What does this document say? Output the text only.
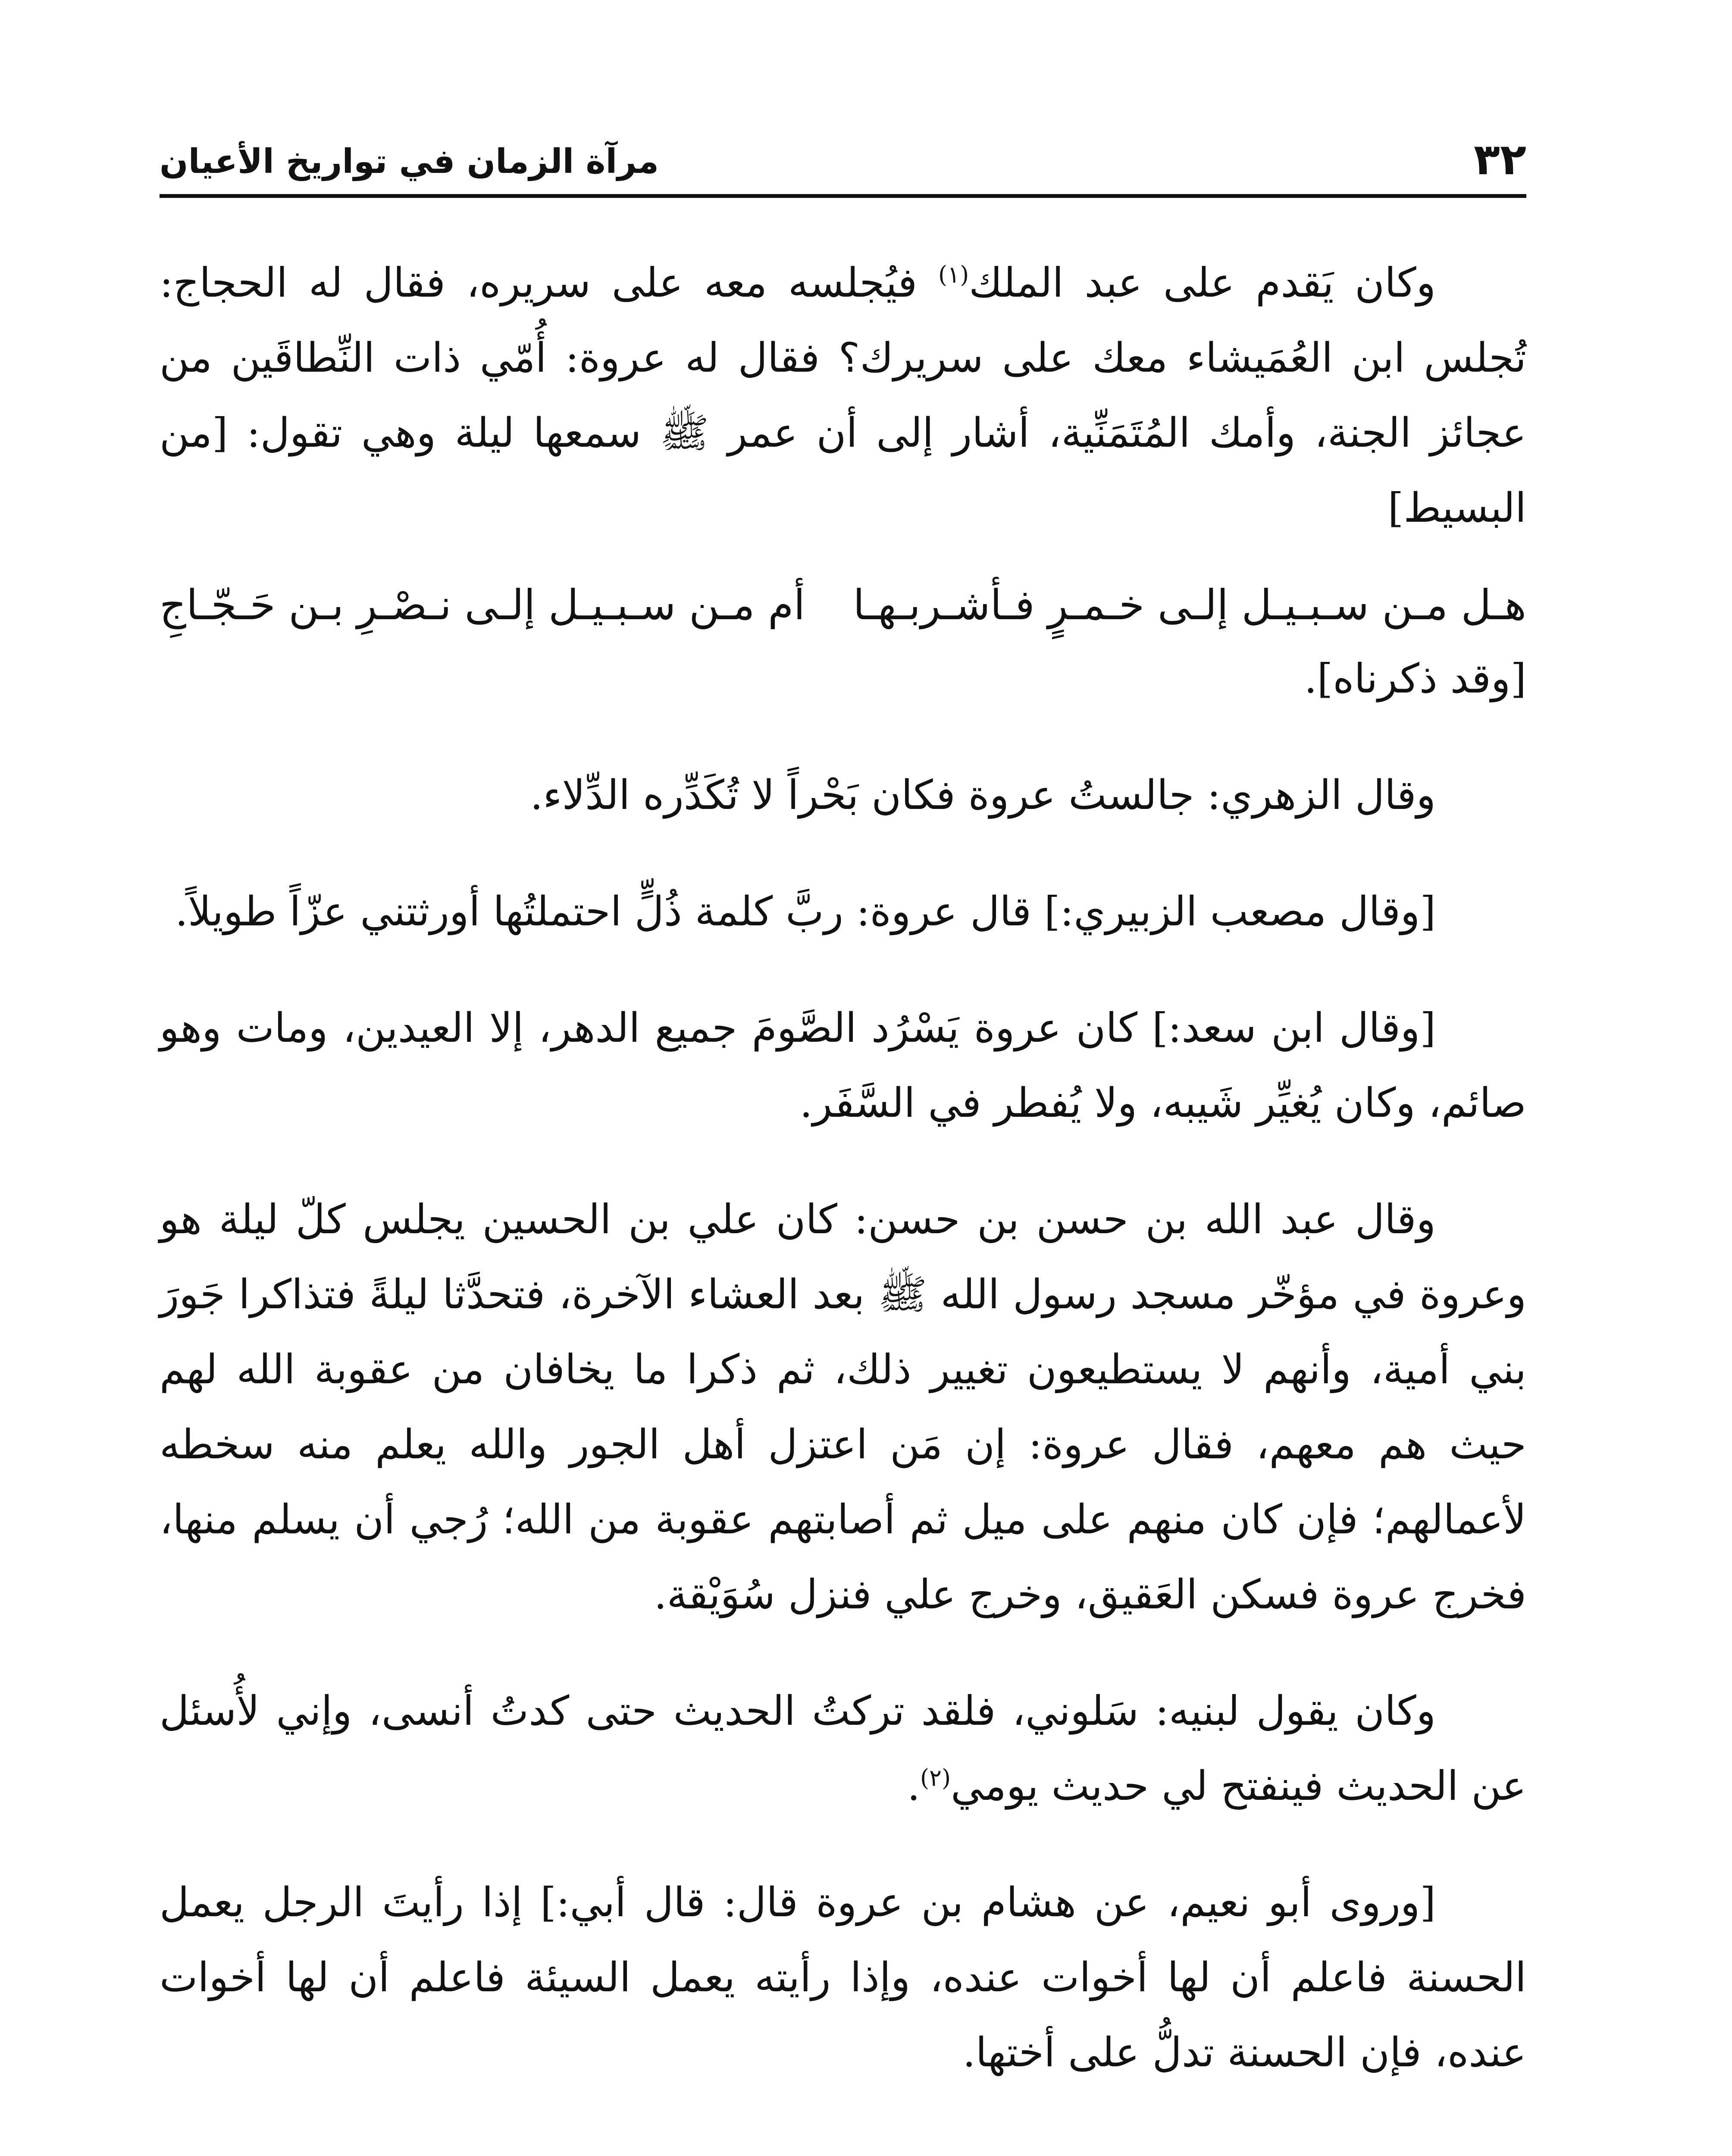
مرآة الزمان في تواريخ الأعيان	٣٢

وكان يَقدم على عبد الملك$^{(١)}$ فيُجلسه معه على سريره، فقال له الحجاج: تُجلس ابن العُمَيشاء معك على سريرك؟ فقال له عروة: أُمّي ذات النِّطاقَين من عجائز الجنة، وأمك المُتَمَنِّية، أشار إلى أن عمر ﷺ سمعها ليلة وهي تقول: [من البسيط]

هـل مـن سـبـيـل إلـى خـمـرٍ فـأشـربـهـا
أم مـن سـبـيـل إلـى نـصْـرِ بـن حَـجّـاجِ

[وقد ذكرناه].

وقال الزهري: جالستُ عروة فكان بَحْراً لا تُكَدِّره الدِّلاء.

[وقال مصعب الزبيري:] قال عروة: ربَّ كلمة ذُلٍّ احتملتُها أورثتني عزّاً طويلاً.

[وقال ابن سعد:] كان عروة يَسْرُد الصَّومَ جميع الدهر، إلا العيدين، ومات وهو صائم، وكان يُغيِّر شَيبه، ولا يُفطر في السَّفَر.

وقال عبد الله بن حسن بن حسن: كان علي بن الحسين يجلس كلّ ليلة هو وعروة في مؤخّر مسجد رسول الله ﷺ بعد العشاء الآخرة، فتحدَّثا ليلةً فتذاكرا جَورَ بني أمية، وأنهم لا يستطيعون تغيير ذلك، ثم ذكرا ما يخافان من عقوبة الله لهم حيث هم معهم، فقال عروة: إن مَن اعتزل أهل الجور والله يعلم منه سخطه لأعمالهم؛ فإن كان منهم على ميل ثم أصابتهم عقوبة من الله؛ رُجي أن يسلم منها، فخرج عروة فسكن العَقيق، وخرج علي فنزل سُوَيْقة.

وكان يقول لبنيه: سَلوني، فلقد تركتُ الحديث حتى كدتُ أنسى، وإني لأُسئل عن الحديث فينفتح لي حديث يومي$^{(٢)}$.

[وروى أبو نعيم، عن هشام بن عروة قال: قال أبي:] إذا رأيتَ الرجل يعمل الحسنة فاعلم أن لها أخوات عنده، وإذا رأيته يعمل السيئة فاعلم أن لها أخوات عنده، فإن الحسنة تدلُّ على أختها.
